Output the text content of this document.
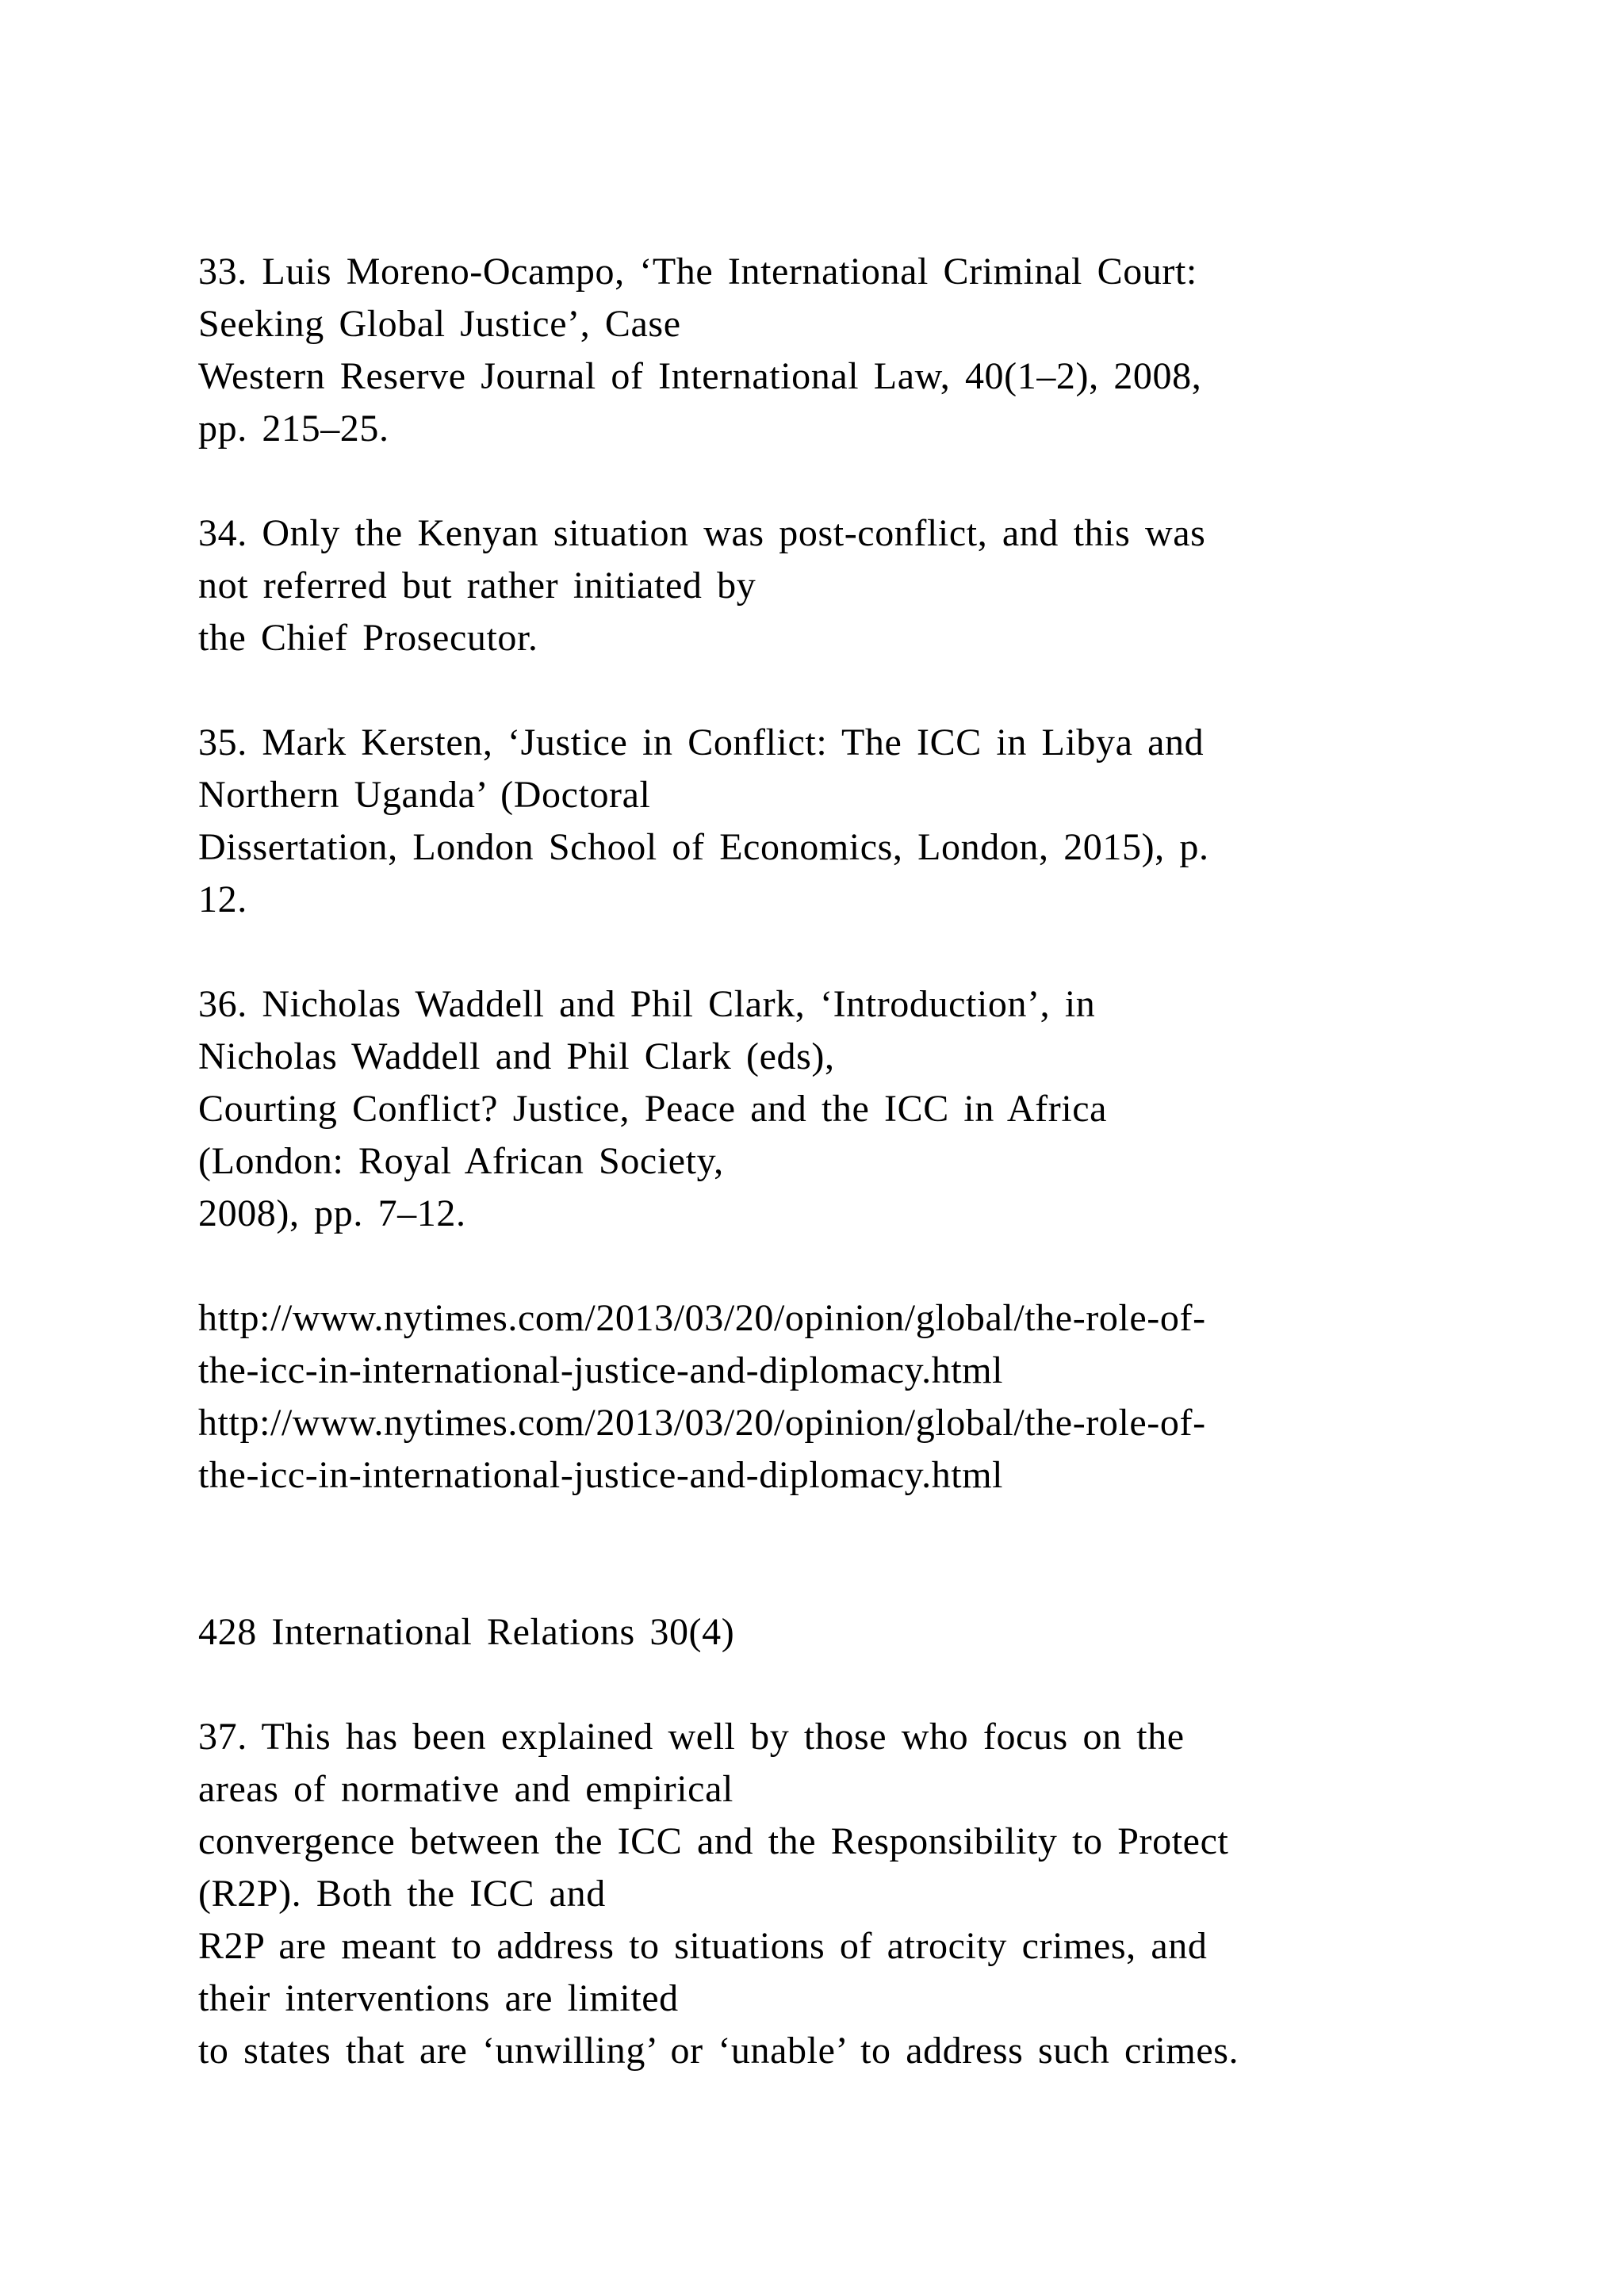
33. Luis Moreno-Ocampo, ‘The International Criminal Court:
Seeking Global Justice’, Case
Western Reserve Journal of International Law, 40(1–2), 2008,
pp. 215–25.
34. Only the Kenyan situation was post-conflict, and this was
not referred but rather initiated by
the Chief Prosecutor.
35. Mark Kersten, ‘Justice in Conflict: The ICC in Libya and
Northern Uganda’ (Doctoral
Dissertation, London School of Economics, London, 2015), p.
12.
36. Nicholas Waddell and Phil Clark, ‘Introduction’, in
Nicholas Waddell and Phil Clark (eds),
Courting Conflict? Justice, Peace and the ICC in Africa
(London: Royal African Society,
2008), pp. 7–12.
http://www.nytimes.com/2013/03/20/opinion/global/the-role-of-
the-icc-in-international-justice-and-diplomacy.html
http://www.nytimes.com/2013/03/20/opinion/global/the-role-of-
the-icc-in-international-justice-and-diplomacy.html
428 International Relations 30(4)
37. This has been explained well by those who focus on the
areas of normative and empirical
convergence between the ICC and the Responsibility to Protect
(R2P). Both the ICC and
R2P are meant to address to situations of atrocity crimes, and
their interventions are limited
to states that are ‘unwilling’ or ‘unable’ to address such crimes.
